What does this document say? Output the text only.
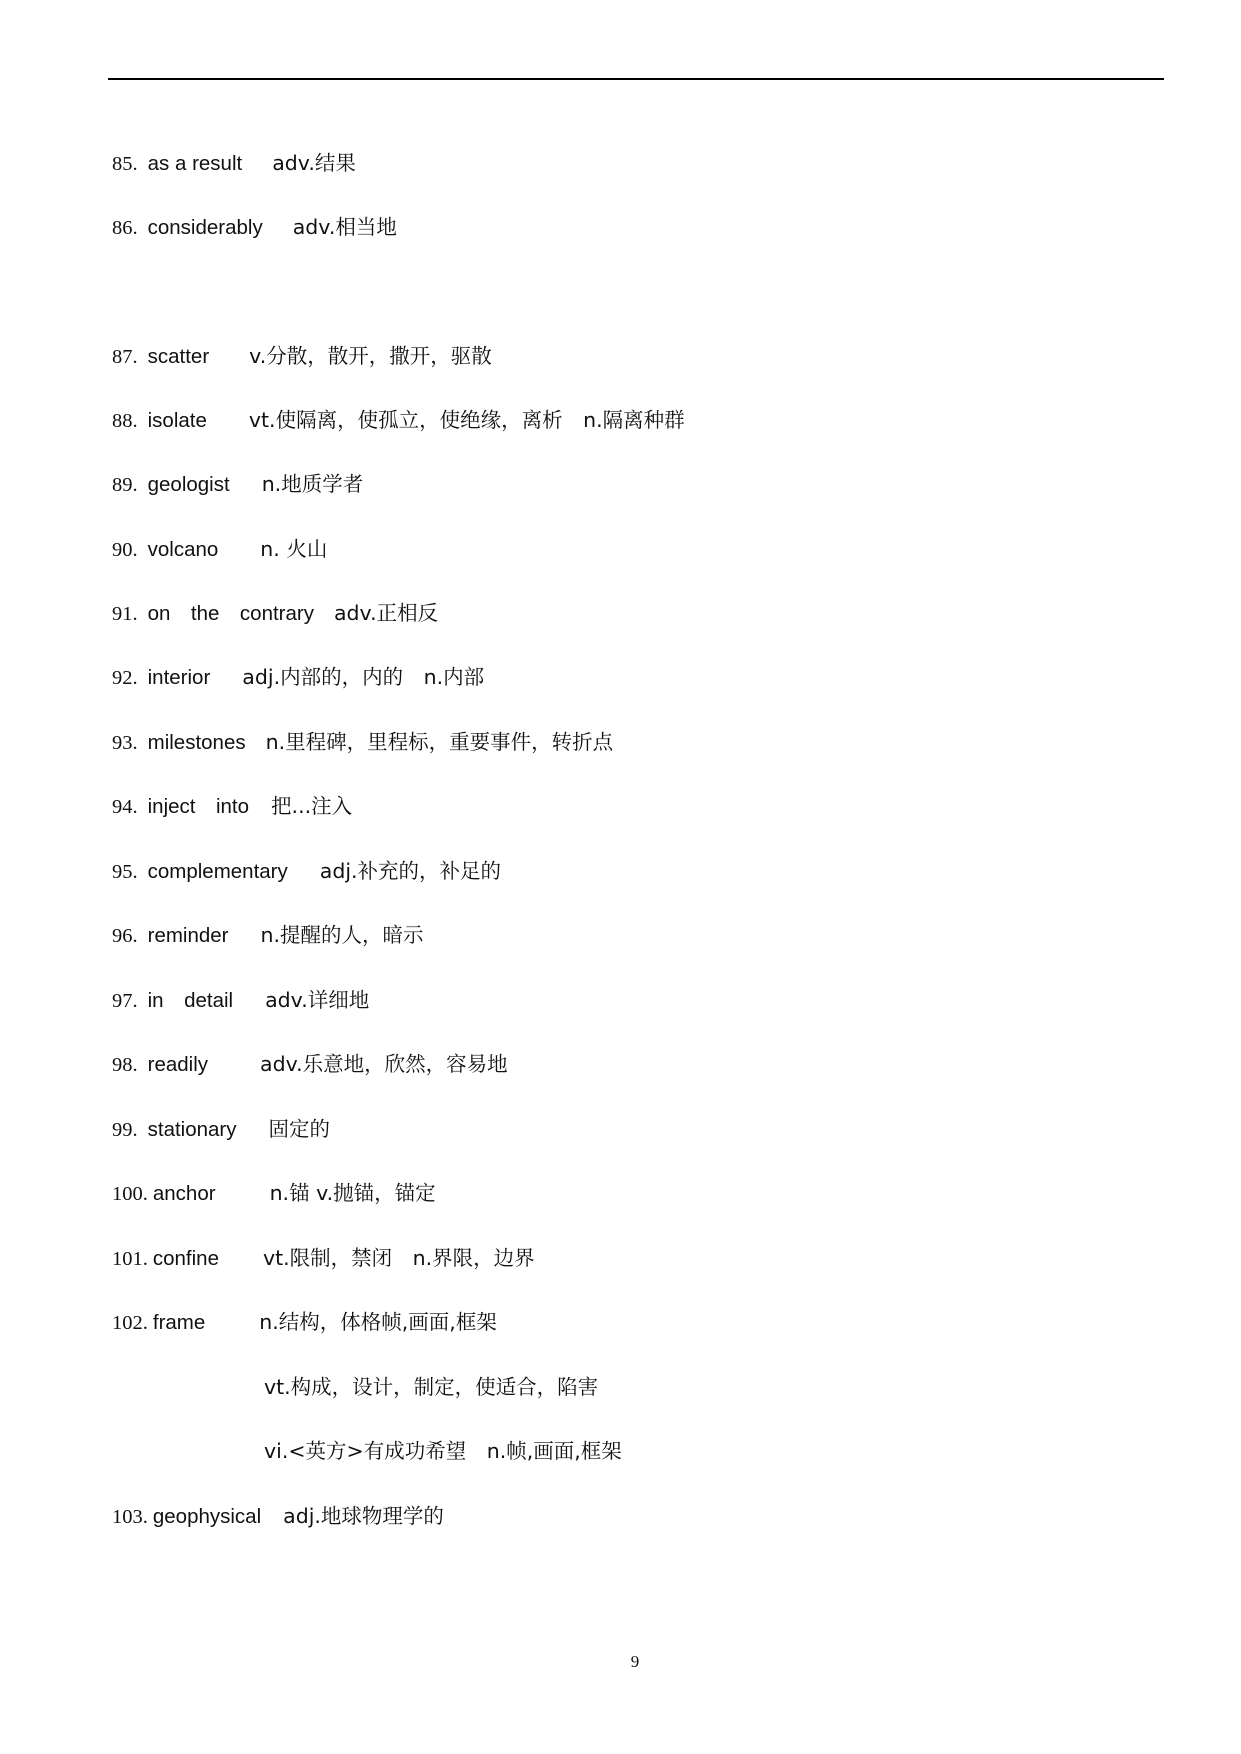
85. as a result adv.结果
86. considerably adv.相当地
87. scatter v.分散，散开，撒开，驱散
88. isolate vt.使隔离，使孤立，使绝缘，离析　n.隔离种群
89. geologist n.地质学者
90. volcano n. 火山
91. on　the　contrary adv.正相反
92. interior adj.内部的，内的　n.内部
93. milestones n.里程碑，里程标，重要事件，转折点
94. inject　into 把...注入
95. complementary adj.补充的，补足的
96. reminder n.提醒的人，暗示
97. in　detail adv.详细地
98. readily	adv.乐意地，欣然，容易地
99. stationary 固定的
100. anchor	n.锚 v.抛锚，锚定
101. confine vt.限制，禁闭　n.界限，边界
102. frame	n.结构，体格帧,画面,框架
vt.构成，设计，制定，使适合，陷害
vi.<英方>有成功希望　n.帧,画面,框架
103. geophysical adj.地球物理学的
9
